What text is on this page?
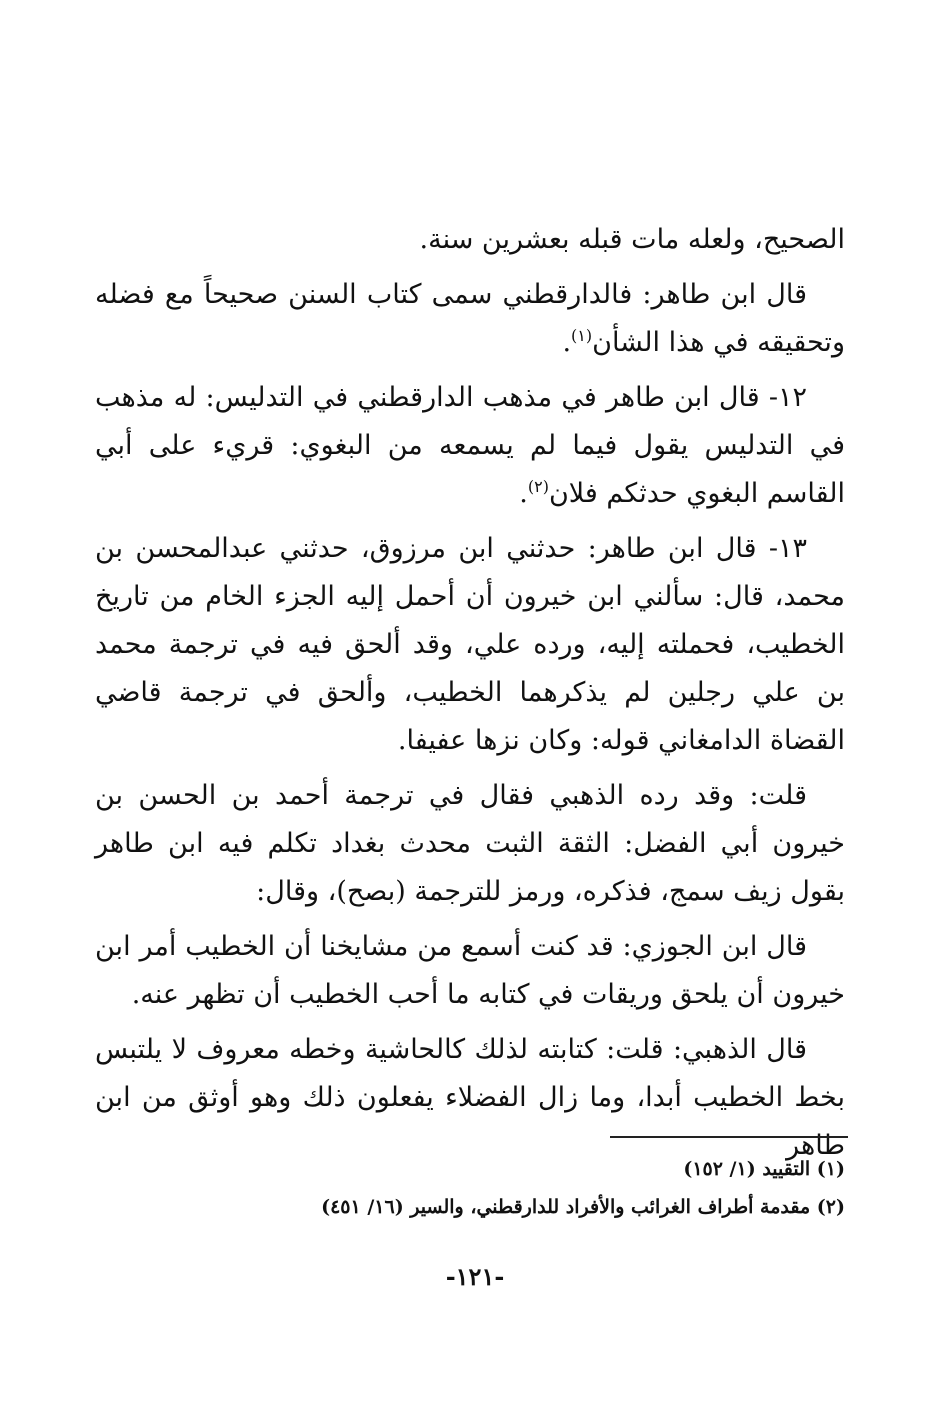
الصحيح، ولعله مات قبله بعشرين سنة.

قال ابن طاهر: فالدارقطني سمى كتاب السنن صحيحاً مع فضله وتحقيقه في هذا الشأن$^{(١)}$.

١٢- قال ابن طاهر في مذهب الدارقطني في التدليس: له مذهب في التدليس يقول فيما لم يسمعه من البغوي: قريء على أبي القاسم البغوي حدثكم فلان$^{(٢)}$.

١٣- قال ابن طاهر: حدثني ابن مرزوق، حدثني عبدالمحسن بن محمد، قال: سألني ابن خيرون أن أحمل إليه الجزء الخام من تاريخ الخطيب، فحملته إليه، ورده علي، وقد ألحق فيه في ترجمة محمد بن علي رجلين لم يذكرهما الخطيب، وألحق في ترجمة قاضي القضاة الدامغاني قوله: وكان نزها عفيفا.

قلت: وقد رده الذهبي فقال في ترجمة أحمد بن الحسن بن خيرون أبي الفضل: الثقة الثبت محدث بغداد تكلم فيه ابن طاهر بقول زيف سمج، فذكره، ورمز للترجمة (بصح)، وقال:

قال ابن الجوزي: قد كنت أسمع من مشايخنا أن الخطيب أمر ابن خيرون أن يلحق وريقات في كتابه ما أحب الخطيب أن تظهر عنه.

قال الذهبي: قلت: كتابته لذلك كالحاشية وخطه معروف لا يلتبس بخط الخطيب أبدا، وما زال الفضلاء يفعلون ذلك وهو أوثق من ابن طاهر

(١) التقييد (١/ ١٥٢)

(٢) مقدمة أطراف الغرائب والأفراد للدارقطني، والسير (١٦/ ٤٥١)

-١٢١-
